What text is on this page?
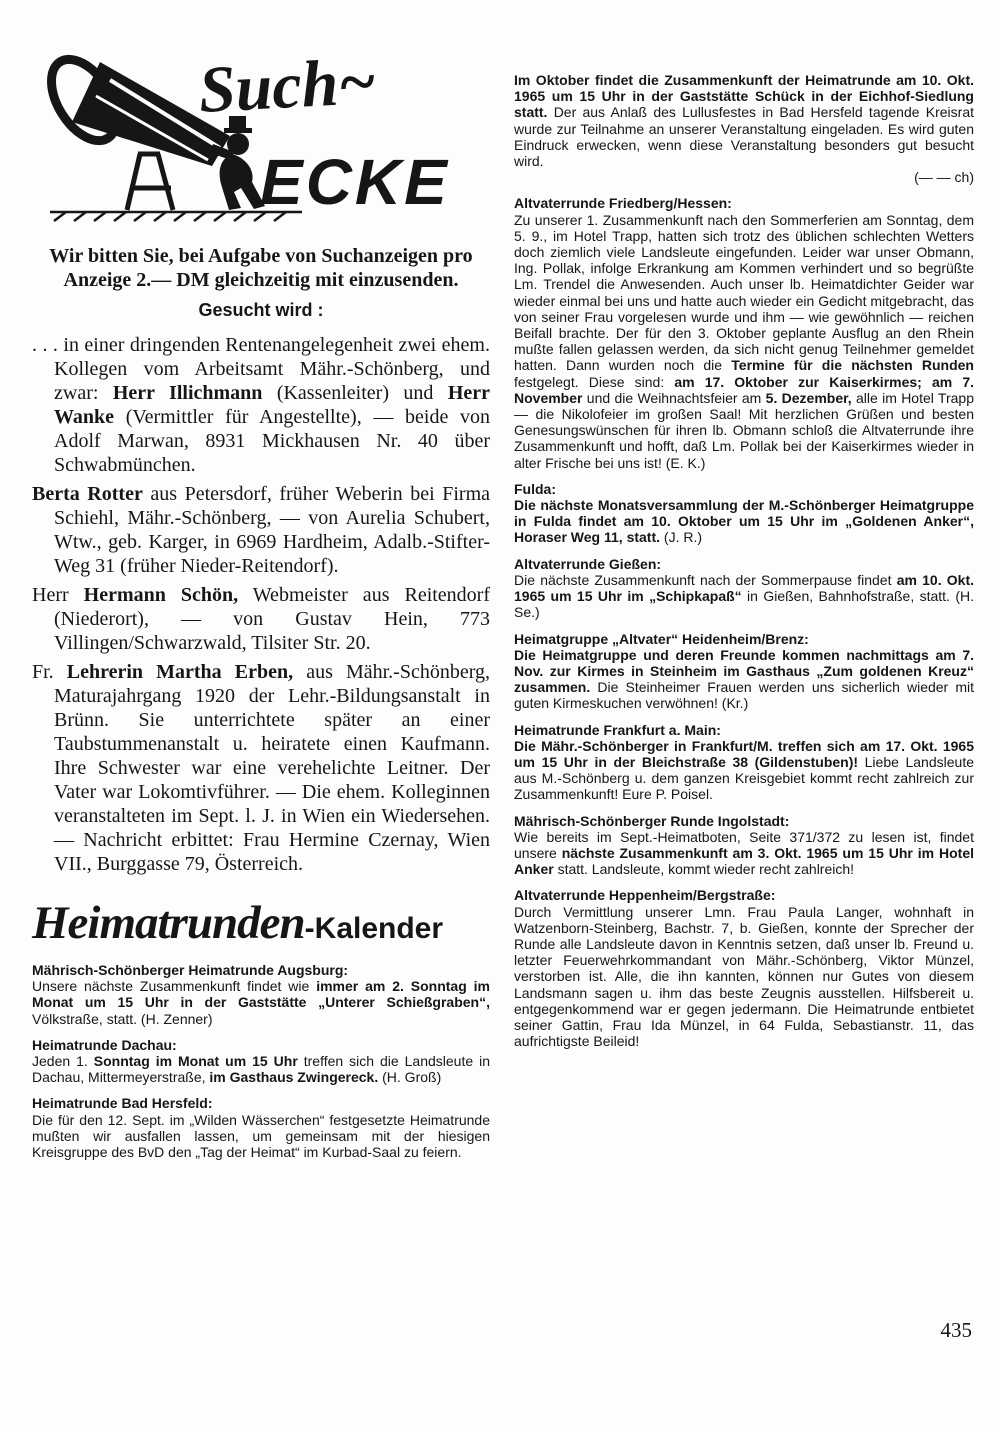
Such~
ECKE
Wir bitten Sie, bei Aufgabe von Suchanzeigen pro Anzeige 2.— DM gleichzeitig mit einzusenden.
Gesucht wird :
. . . in einer dringenden Rentenangelegenheit zwei ehem. Kollegen vom Arbeitsamt Mähr.-Schönberg, und zwar: Herr Illichmann (Kassenleiter) und Herr Wanke (Vermittler für Angestellte), — beide von Adolf Marwan, 8931 Mickhausen Nr. 40 über Schwabmünchen.
Berta Rotter aus Petersdorf, früher Weberin bei Firma Schiehl, Mähr.-Schönberg, — von Aurelia Schubert, Wtw., geb. Karger, in 6969 Hardheim, Adalb.-Stifter-Weg 31 (früher Nieder-Reitendorf).
Herr Hermann Schön, Webmeister aus Reitendorf (Niederort), — von Gustav Hein, 773 Villingen/Schwarzwald, Tilsiter Str. 20.
Fr. Lehrerin Martha Erben, aus Mähr.-Schönberg, Maturajahrgang 1920 der Lehr.-Bildungsanstalt in Brünn. Sie unterrichtete später an einer Taubstummenanstalt u. heiratete einen Kaufmann. Ihre Schwester war eine verehelichte Leitner. Der Vater war Lokomtivführer. — Die ehem. Kolleginnen veranstalteten im Sept. l. J. in Wien ein Wiedersehen. — Nachricht erbittet: Frau Hermine Czernay, Wien VII., Burggasse 79, Österreich.
Heimatrunden-Kalender
Mährisch-Schönberger Heimatrunde Augsburg:
Unsere nächste Zusammenkunft findet wie immer am 2. Sonntag im Monat um 15 Uhr in der Gaststätte „Unterer Schießgraben“, Völkstraße, statt. (H. Zenner)
Heimatrunde Dachau:
Jeden 1. Sonntag im Monat um 15 Uhr treffen sich die Landsleute in Dachau, Mittermeyerstraße, im Gasthaus Zwingereck. (H. Groß)
Heimatrunde Bad Hersfeld:
Die für den 12. Sept. im „Wilden Wässerchen“ festgesetzte Heimatrunde mußten wir ausfallen lassen, um gemeinsam mit der hiesigen Kreisgruppe des BvD den „Tag der Heimat“ im Kurbad-Saal zu feiern.
Im Oktober findet die Zusammenkunft der Heimatrunde am 10. Okt. 1965 um 15 Uhr in der Gaststätte Schück in der Eichhof-Siedlung statt. Der aus Anlaß des Lullusfestes in Bad Hersfeld tagende Kreisrat wurde zur Teilnahme an unserer Veranstaltung eingeladen. Es wird guten Eindruck erwecken, wenn diese Veranstaltung besonders gut besucht wird.
(— — ch)
Altvaterrunde Friedberg/Hessen:
Zu unserer 1. Zusammenkunft nach den Sommerferien am Sonntag, dem 5. 9., im Hotel Trapp, hatten sich trotz des üblichen schlechten Wetters doch ziemlich viele Landsleute eingefunden. Leider war unser Obmann, Ing. Pollak, infolge Erkrankung am Kommen verhindert und so begrüßte Lm. Trendel die Anwesenden. Auch unser lb. Heimatdichter Geider war wieder einmal bei uns und hatte auch wieder ein Gedicht mitgebracht, das von seiner Frau vorgelesen wurde und ihm — wie gewöhnlich — reichen Beifall brachte. Der für den 3. Oktober geplante Ausflug an den Rhein mußte fallen gelassen werden, da sich nicht genug Teilnehmer gemeldet hatten. Dann wurden noch die Termine für die nächsten Runden festgelegt. Diese sind: am 17. Oktober zur Kaiserkirmes; am 7. November und die Weihnachtsfeier am 5. Dezember, alle im Hotel Trapp — die Nikolofeier im großen Saal! Mit herzlichen Grüßen und besten Genesungswünschen für ihren lb. Obmann schloß die Altvaterrunde ihre Zusammenkunft und hofft, daß Lm. Pollak bei der Kaiserkirmes wieder in alter Frische bei uns ist! (E. K.)
Fulda:
Die nächste Monatsversammlung der M.-Schönberger Heimatgruppe in Fulda findet am 10. Oktober um 15 Uhr im „Goldenen Anker“, Horaser Weg 11, statt. (J. R.)
Altvaterrunde Gießen:
Die nächste Zusammenkunft nach der Sommerpause findet am 10. Okt. 1965 um 15 Uhr im „Schipkapaß“ in Gießen, Bahnhofstraße, statt. (H. Se.)
Heimatgruppe „Altvater“ Heidenheim/Brenz:
Die Heimatgruppe und deren Freunde kommen nachmittags am 7. Nov. zur Kirmes in Steinheim im Gasthaus „Zum goldenen Kreuz“ zusammen. Die Steinheimer Frauen werden uns sicherlich wieder mit guten Kirmeskuchen verwöhnen! (Kr.)
Heimatrunde Frankfurt a. Main:
Die Mähr.-Schönberger in Frankfurt/M. treffen sich am 17. Okt. 1965 um 15 Uhr in der Bleichstraße 38 (Gildenstuben)! Liebe Landsleute aus M.-Schönberg u. dem ganzen Kreisgebiet kommt recht zahlreich zur Zusammenkunft! Eure P. Poisel.
Mährisch-Schönberger Runde Ingolstadt:
Wie bereits im Sept.-Heimatboten, Seite 371/372 zu lesen ist, findet unsere nächste Zusammenkunft am 3. Okt. 1965 um 15 Uhr im Hotel Anker statt. Landsleute, kommt wieder recht zahlreich!
Altvaterrunde Heppenheim/Bergstraße:
Durch Vermittlung unserer Lmn. Frau Paula Langer, wohnhaft in Watzenborn-Steinberg, Bachstr. 7, b. Gießen, konnte der Sprecher der Runde alle Landsleute davon in Kenntnis setzen, daß unser lb. Freund u. letzter Feuerwehrkommandant von Mähr.-Schönberg, Viktor Münzel, verstorben ist. Alle, die ihn kannten, können nur Gutes von diesem Landsmann sagen u. ihm das beste Zeugnis ausstellen. Hilfsbereit u. entgegenkommend war er gegen jedermann. Die Heimatrunde entbietet seiner Gattin, Frau Ida Münzel, in 64 Fulda, Sebastianstr. 11, das aufrichtigste Beileid!
435
